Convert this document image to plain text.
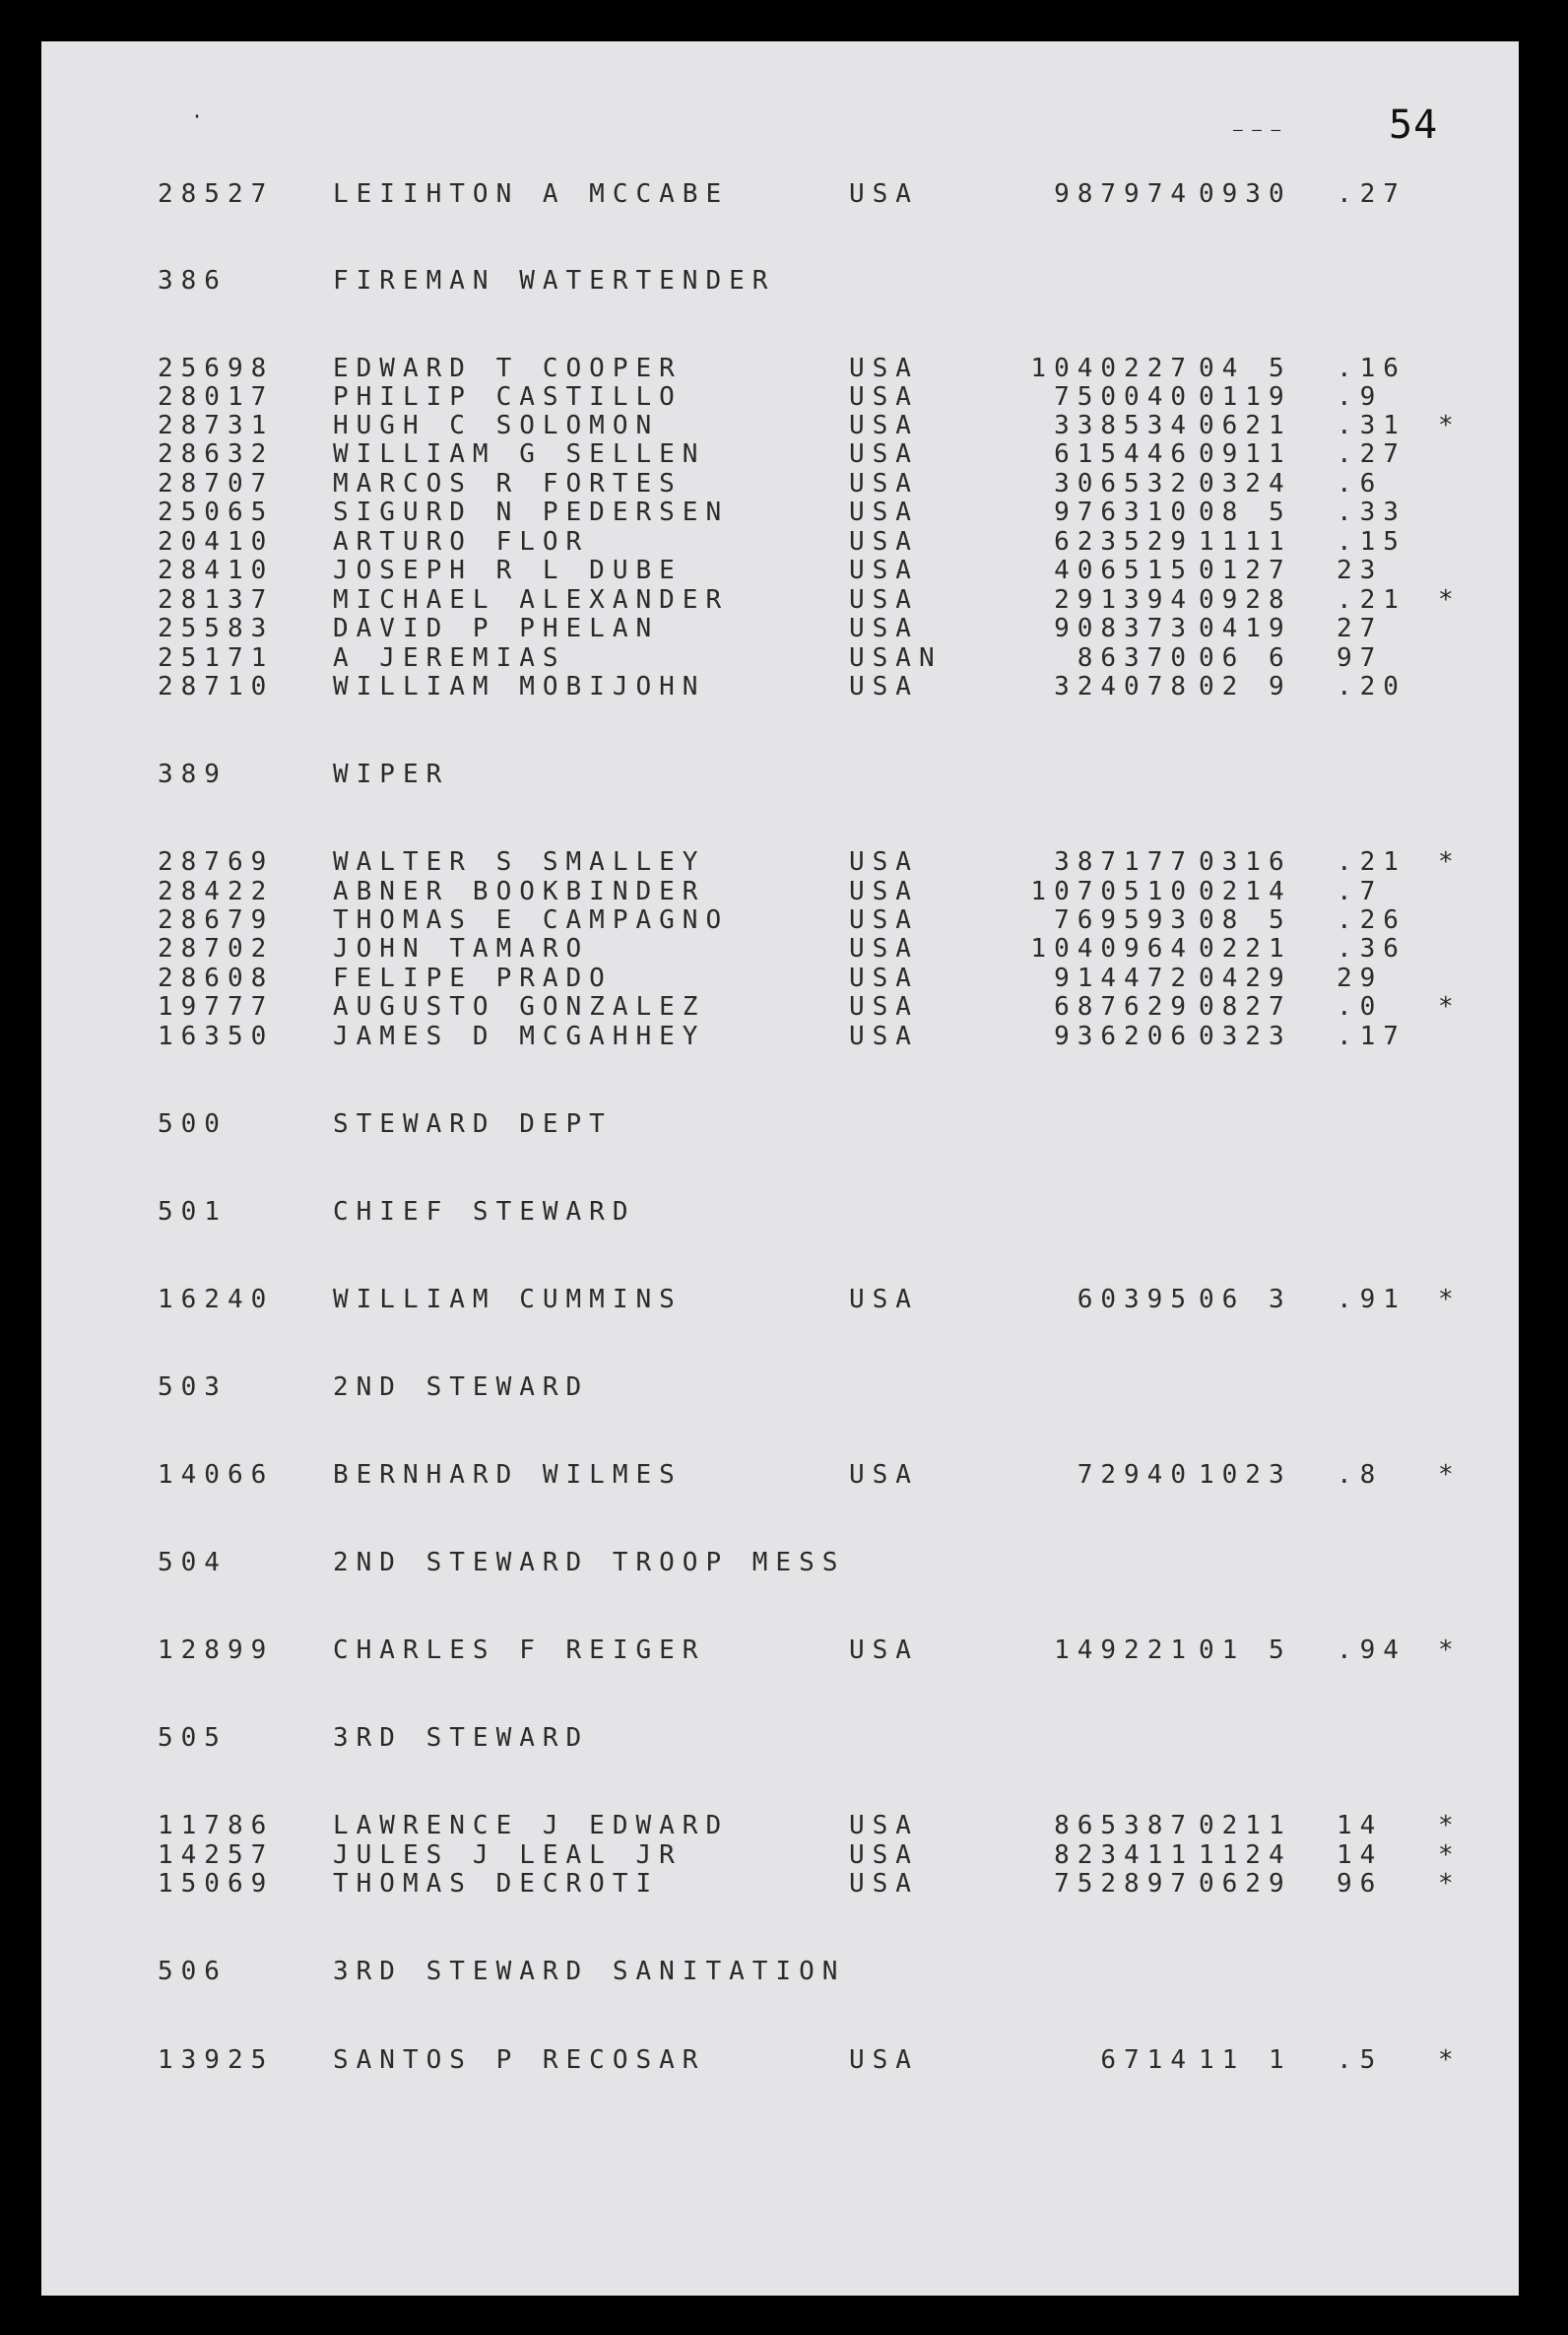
54
·
– – –
28527 LEIIHTON A MCCABE	USA	987974 0930 .27
386	FIREMAN WATERTENDER
25698 EDWARD T COOPER	USA	1040227 04 5 .16
28017 PHILIP CASTILLO	USA	750040 0119 .9
28731 HUGH C SOLOMON	USA	338534 0621 .31 *
28632 WILLIAM G SELLEN	USA	615446 0911 .27
28707 MARCOS R FORTES	USA	306532 0324 .6
25065 SIGURD N PEDERSEN	USA	976310 08 5 .33
20410 ARTURO FLOR	USA	623529 1111 .15
28410 JOSEPH R L DUBE	USA	406515 0127 23
28137 MICHAEL ALEXANDER	USA	291394 0928 .21 *
25583 DAVID P PHELAN	USA	908373 0419 27
25171 A JEREMIAS	USAN	86370 06 6 97
28710 WILLIAM MOBIJOHN	USA	324078 02 9 .20
389	WIPER
28769 WALTER S SMALLEY	USA	387177 0316 .21 *
28422 ABNER BOOKBINDER	USA	1070510 0214 .7
28679 THOMAS E CAMPAGNO	USA	769593 08 5 .26
28702 JOHN TAMARO	USA	1040964 0221 .36
28608 FELIPE PRADO	USA	914472 0429 29
19777 AUGUSTO GONZALEZ	USA	687629 0827 .0 *
16350 JAMES D MCGAHHEY	USA	936206 0323 .17
500	STEWARD DEPT
501	CHIEF STEWARD
16240 WILLIAM CUMMINS	USA	60395 06 3 .91 *
503	2ND STEWARD
14066 BERNHARD WILMES	USA	72940 1023 .8 *
504	2ND STEWARD TROOP MESS
12899 CHARLES F REIGER	USA	149221 01 5 .94 *
505	3RD STEWARD
11786 LAWRENCE J EDWARD	USA	865387 0211 14 *
14257 JULES J LEAL JR	USA	823411 1124 14 *
15069 THOMAS DECROTI	USA	752897 0629 96 *
506	3RD STEWARD SANITATION
13925 SANTOS P RECOSAR	USA	6714 11 1 .5 *
